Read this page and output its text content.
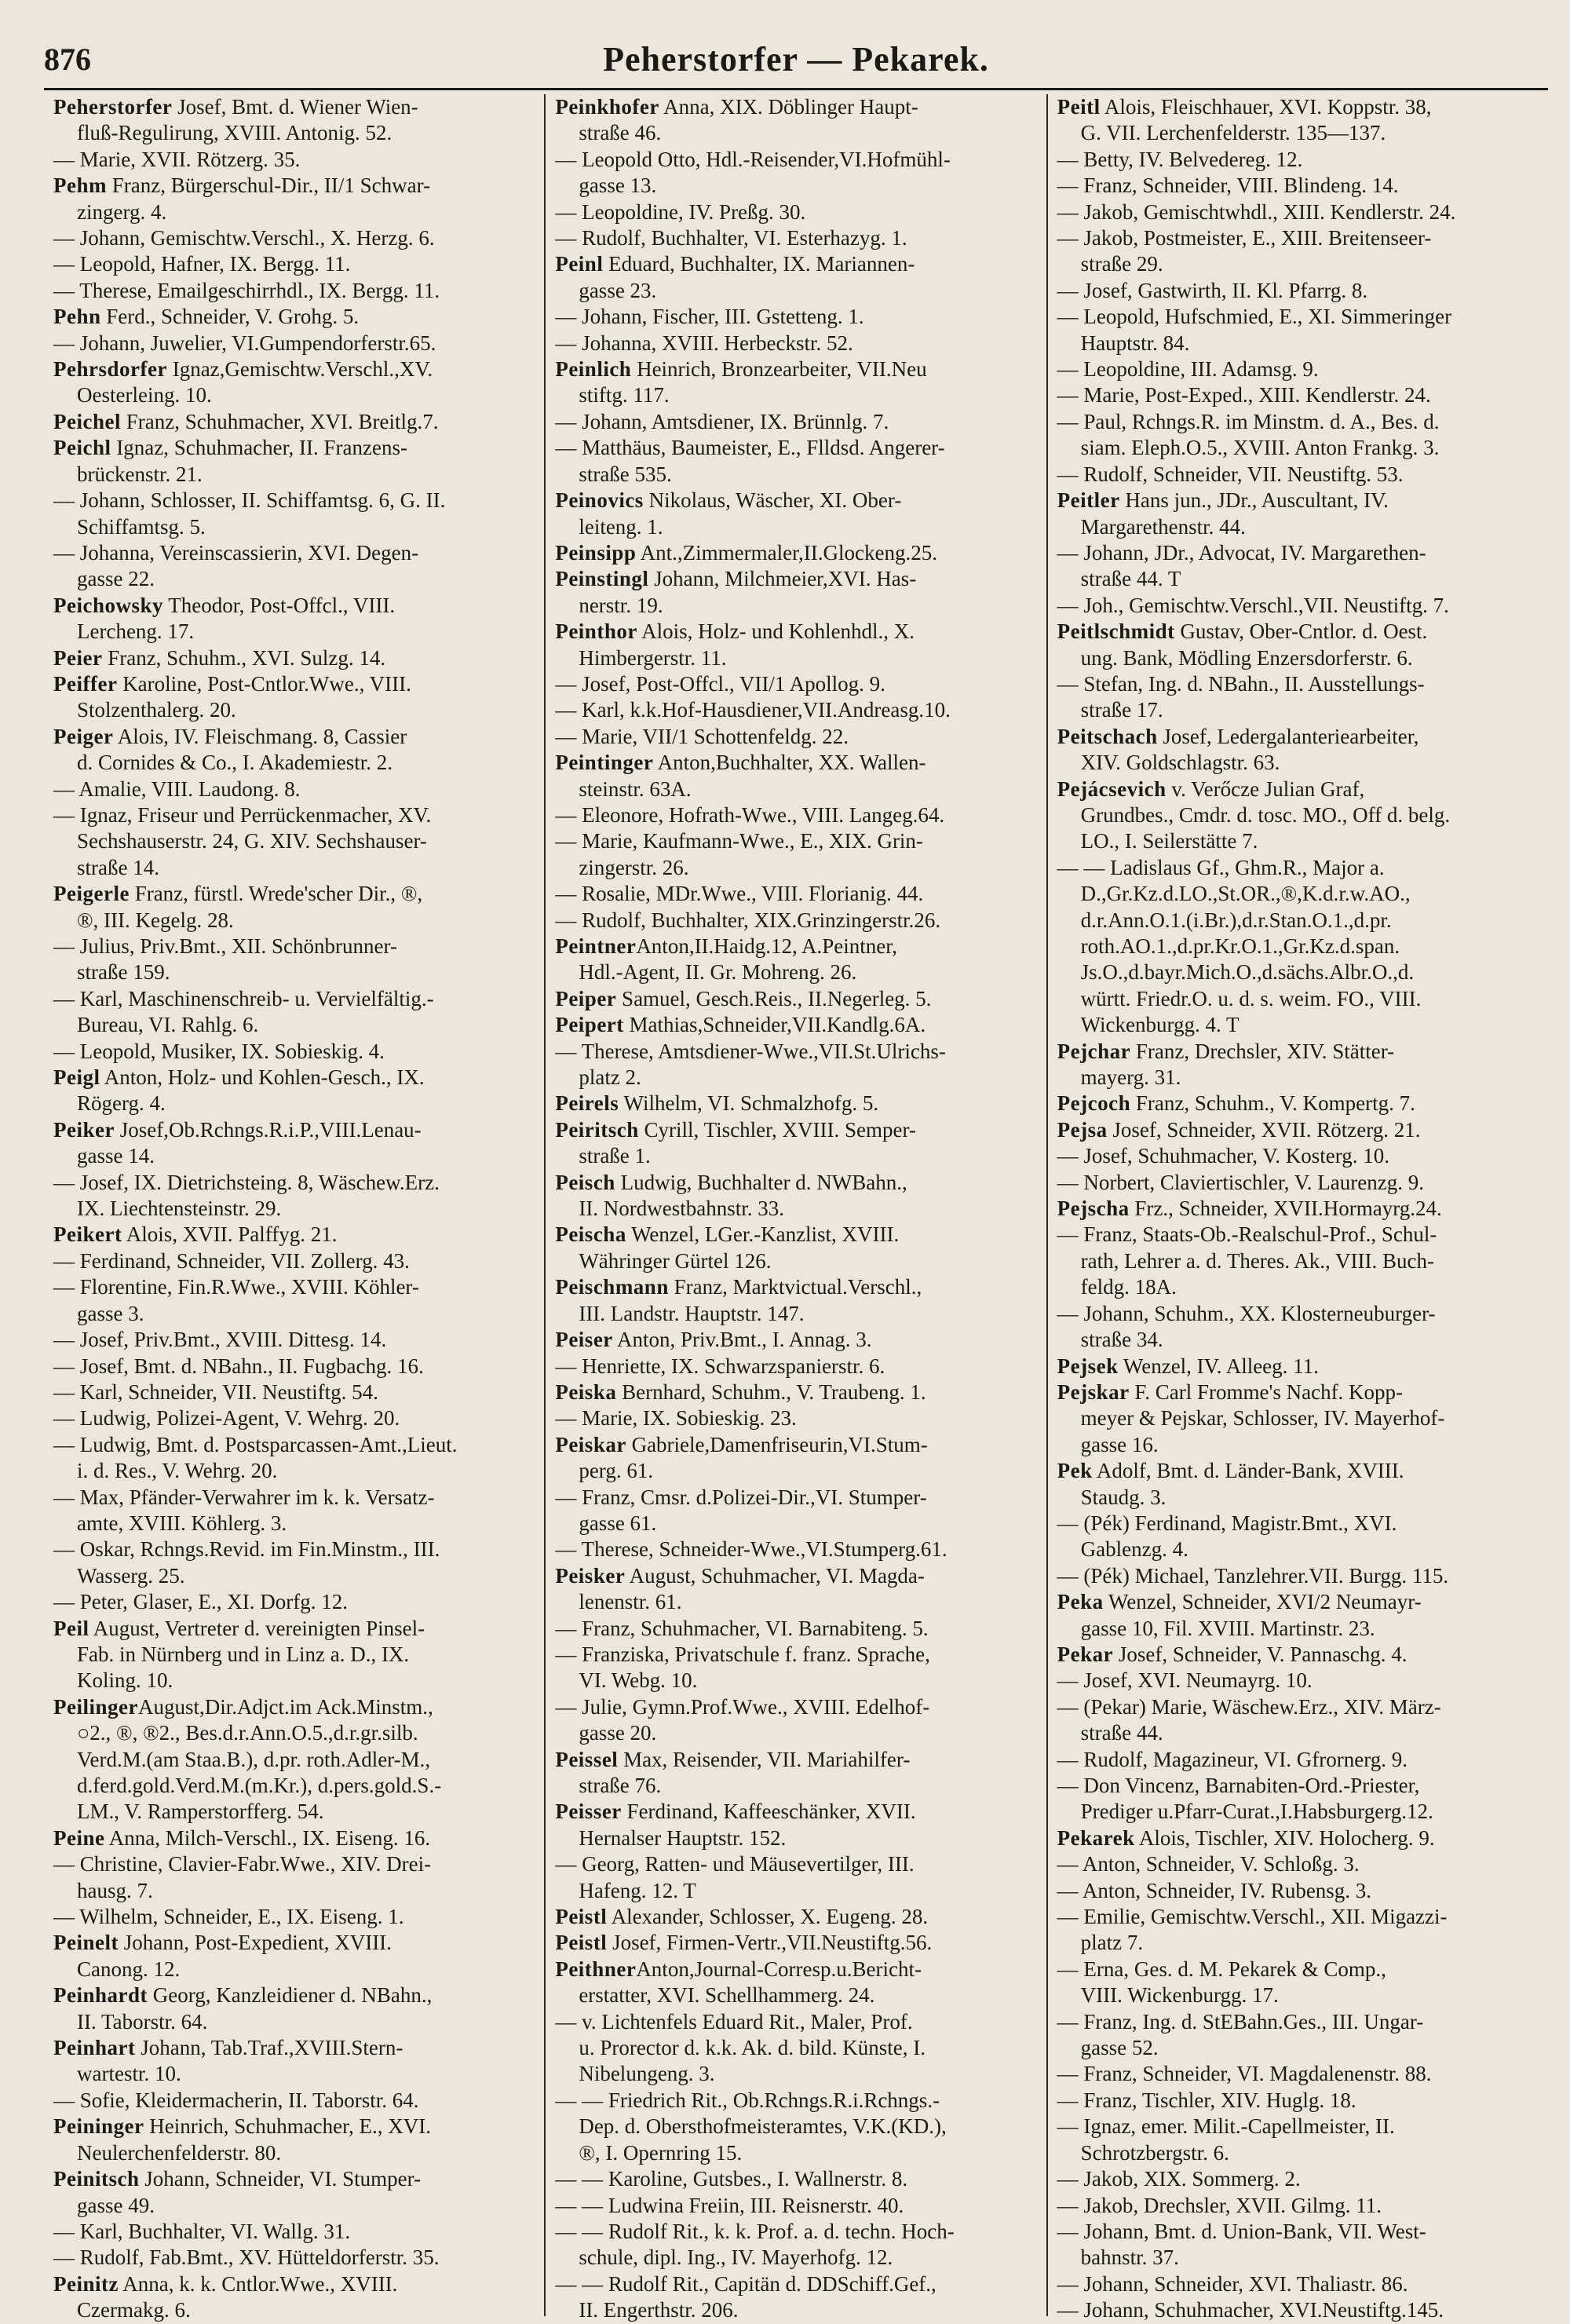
876	Peherstorfer — Pekarek.
Peherstorfer Josef, Bmt. d. Wiener Wien-
fluß-Regulirung, XVIII. Antonig. 52.
— Marie, XVII. Rötzerg. 35.
Pehm Franz, Bürgerschul-Dir., II/1 Schwar-
zingerg. 4.
— Johann, Gemischtw.Verschl., X. Herzg. 6.
— Leopold, Hafner, IX. Bergg. 11.
— Therese, Emailgeschirrhdl., IX. Bergg. 11.
Pehn Ferd., Schneider, V. Grohg. 5.
— Johann, Juwelier, VI.Gumpendorferstr.65.
Pehrsdorfer Ignaz,Gemischtw.Verschl.,XV.
Oesterleing. 10.
Peichel Franz, Schuhmacher, XVI. Breitlg.7.
Peichl Ignaz, Schuhmacher, II. Franzens-
brückenstr. 21.
— Johann, Schlosser, II. Schiffamtsg. 6, G. II.
Schiffamtsg. 5.
— Johanna, Vereinscassierin, XVI. Degen-
gasse 22.
Peichowsky Theodor, Post-Offcl., VIII.
Lercheng. 17.
Peier Franz, Schuhm., XVI. Sulzg. 14.
Peiffer Karoline, Post-Cntlor.Wwe., VIII.
Stolzenthalerg. 20.
Peiger Alois, IV. Fleischmang. 8, Cassier
d. Cornides & Co., I. Akademiestr. 2.
— Amalie, VIII. Laudong. 8.
— Ignaz, Friseur und Perrückenmacher, XV.
Sechshauserstr. 24, G. XIV. Sechshauser-
straße 14.
Peigerle Franz, fürstl. Wrede'scher Dir., ®,
®, III. Kegelg. 28.
— Julius, Priv.Bmt., XII. Schönbrunner-
straße 159.
— Karl, Maschinenschreib- u. Vervielfältig.-
Bureau, VI. Rahlg. 6.
— Leopold, Musiker, IX. Sobieskig. 4.
Peigl Anton, Holz- und Kohlen-Gesch., IX.
Rögerg. 4.
Peiker Josef,Ob.Rchngs.R.i.P.,VIII.Lenau-
gasse 14.
— Josef, IX. Dietrichsteing. 8, Wäschew.Erz.
IX. Liechtensteinstr. 29.
Peikert Alois, XVII. Palffyg. 21.
— Ferdinand, Schneider, VII. Zollerg. 43.
— Florentine, Fin.R.Wwe., XVIII. Köhler-
gasse 3.
— Josef, Priv.Bmt., XVIII. Dittesg. 14.
— Josef, Bmt. d. NBahn., II. Fugbachg. 16.
— Karl, Schneider, VII. Neustiftg. 54.
— Ludwig, Polizei-Agent, V. Wehrg. 20.
— Ludwig, Bmt. d. Postsparcassen-Amt.,Lieut.
i. d. Res., V. Wehrg. 20.
— Max, Pfänder-Verwahrer im k. k. Versatz-
amte, XVIII. Köhlerg. 3.
— Oskar, Rchngs.Revid. im Fin.Minstm., III.
Wasserg. 25.
— Peter, Glaser, E., XI. Dorfg. 12.
Peil August, Vertreter d. vereinigten Pinsel-
Fab. in Nürnberg und in Linz a. D., IX.
Koling. 10.
PeilingerAugust,Dir.Adjct.im Ack.Minstm.,
○2., ®, ®2., Bes.d.r.Ann.O.5.,d.r.gr.silb.
Verd.M.(am Staa.B.), d.pr. roth.Adler-M.,
d.ferd.gold.Verd.M.(m.Kr.), d.pers.gold.S.-
LM., V. Ramperstorfferg. 54.
Peine Anna, Milch-Verschl., IX. Eiseng. 16.
— Christine, Clavier-Fabr.Wwe., XIV. Drei-
hausg. 7.
— Wilhelm, Schneider, E., IX. Eiseng. 1.
Peinelt Johann, Post-Expedient, XVIII.
Canong. 12.
Peinhardt Georg, Kanzleidiener d. NBahn.,
II. Taborstr. 64.
Peinhart Johann, Tab.Traf.,XVIII.Stern-
wartestr. 10.
— Sofie, Kleidermacherin, II. Taborstr. 64.
Peininger Heinrich, Schuhmacher, E., XVI.
Neulerchenfelderstr. 80.
Peinitsch Johann, Schneider, VI. Stumper-
gasse 49.
— Karl, Buchhalter, VI. Wallg. 31.
— Rudolf, Fab.Bmt., XV. Hütteldorferstr. 35.
Peinitz Anna, k. k. Cntlor.Wwe., XVIII.
Czermakg. 6.
Peinkhofer Anna, XIX. Döblinger Haupt-
straße 46.
— Leopold Otto, Hdl.-Reisender,VI.Hofmühl-
gasse 13.
— Leopoldine, IV. Preßg. 30.
— Rudolf, Buchhalter, VI. Esterhazyg. 1.
Peinl Eduard, Buchhalter, IX. Mariannen-
gasse 23.
— Johann, Fischer, III. Gstetteng. 1.
— Johanna, XVIII. Herbeckstr. 52.
Peinlich Heinrich, Bronzearbeiter, VII.Neu
stiftg. 117.
— Johann, Amtsdiener, IX. Brünnlg. 7.
— Matthäus, Baumeister, E., Flldsd. Angerer-
straße 535.
Peinovics Nikolaus, Wäscher, XI. Ober-
leiteng. 1.
Peinsipp Ant.,Zimmermaler,II.Glockeng.25.
Peinstingl Johann, Milchmeier,XVI. Has-
nerstr. 19.
Peinthor Alois, Holz- und Kohlenhdl., X.
Himbergerstr. 11.
— Josef, Post-Offcl., VII/1 Apollog. 9.
— Karl, k.k.Hof-Hausdiener,VII.Andreasg.10.
— Marie, VII/1 Schottenfeldg. 22.
Peintinger Anton,Buchhalter, XX. Wallen-
steinstr. 63A.
— Eleonore, Hofrath-Wwe., VIII. Langeg.64.
— Marie, Kaufmann-Wwe., E., XIX. Grin-
zingerstr. 26.
— Rosalie, MDr.Wwe., VIII. Florianig. 44.
— Rudolf, Buchhalter, XIX.Grinzingerstr.26.
PeintnerAnton,II.Haidg.12, A.Peintner,
Hdl.-Agent, II. Gr. Mohreng. 26.
Peiper Samuel, Gesch.Reis., II.Negerleg. 5.
Peipert Mathias,Schneider,VII.Kandlg.6A.
— Therese, Amtsdiener-Wwe.,VII.St.Ulrichs-
platz 2.
Peirels Wilhelm, VI. Schmalzhofg. 5.
Peiritsch Cyrill, Tischler, XVIII. Semper-
straße 1.
Peisch Ludwig, Buchhalter d. NWBahn.,
II. Nordwestbahnstr. 33.
Peischa Wenzel, LGer.-Kanzlist, XVIII.
Währinger Gürtel 126.
Peischmann Franz, Marktvictual.Verschl.,
III. Landstr. Hauptstr. 147.
Peiser Anton, Priv.Bmt., I. Annag. 3.
— Henriette, IX. Schwarzspanierstr. 6.
Peiska Bernhard, Schuhm., V. Traubeng. 1.
— Marie, IX. Sobieskig. 23.
Peiskar Gabriele,Damenfriseurin,VI.Stum-
perg. 61.
— Franz, Cmsr. d.Polizei-Dir.,VI. Stumper-
gasse 61.
— Therese, Schneider-Wwe.,VI.Stumperg.61.
Peisker August, Schuhmacher, VI. Magda-
lenenstr. 61.
— Franz, Schuhmacher, VI. Barnabiteng. 5.
— Franziska, Privatschule f. franz. Sprache,
VI. Webg. 10.
— Julie, Gymn.Prof.Wwe., XVIII. Edelhof-
gasse 20.
Peissel Max, Reisender, VII. Mariahilfer-
straße 76.
Peisser Ferdinand, Kaffeeschänker, XVII.
Hernalser Hauptstr. 152.
— Georg, Ratten- und Mäusevertilger, III.
Hafeng. 12. T
Peistl Alexander, Schlosser, X. Eugeng. 28.
Peistl Josef, Firmen-Vertr.,VII.Neustiftg.56.
PeithnerAnton,Journal-Corresp.u.Bericht-
erstatter, XVI. Schellhammerg. 24.
— v. Lichtenfels Eduard Rit., Maler, Prof.
u. Prorector d. k.k. Ak. d. bild. Künste, I.
Nibelungeng. 3.
— — Friedrich Rit., Ob.Rchngs.R.i.Rchngs.-
Dep. d. Obersthofmeisteramtes, V.K.(KD.),
®, I. Opernring 15.
— — Karoline, Gutsbes., I. Wallnerstr. 8.
— — Ludwina Freiin, III. Reisnerstr. 40.
— — Rudolf Rit., k. k. Prof. a. d. techn. Hoch-
schule, dipl. Ing., IV. Mayerhofg. 12.
— — Rudolf Rit., Capitän d. DDSchiff.Gef.,
II. Engerthstr. 206.
Peitl Alois, Fleischhauer, XVI. Koppstr. 38,
G. VII. Lerchenfelderstr. 135—137.
— Betty, IV. Belvedereg. 12.
— Franz, Schneider, VIII. Blindeng. 14.
— Jakob, Gemischtwhdl., XIII. Kendlerstr. 24.
— Jakob, Postmeister, E., XIII. Breitenseer-
straße 29.
— Josef, Gastwirth, II. Kl. Pfarrg. 8.
— Leopold, Hufschmied, E., XI. Simmeringer
Hauptstr. 84.
— Leopoldine, III. Adamsg. 9.
— Marie, Post-Exped., XIII. Kendlerstr. 24.
— Paul, Rchngs.R. im Minstm. d. A., Bes. d.
siam. Eleph.O.5., XVIII. Anton Frankg. 3.
— Rudolf, Schneider, VII. Neustiftg. 53.
Peitler Hans jun., JDr., Auscultant, IV.
Margarethenstr. 44.
— Johann, JDr., Advocat, IV. Margarethen-
straße 44. T
— Joh., Gemischtw.Verschl.,VII. Neustiftg. 7.
Peitlschmidt Gustav, Ober-Cntlor. d. Oest.
ung. Bank, Mödling Enzersdorferstr. 6.
— Stefan, Ing. d. NBahn., II. Ausstellungs-
straße 17.
Peitschach Josef, Ledergalanteriearbeiter,
XIV. Goldschlagstr. 63.
Pejácsevich v. Verőcze Julian Graf,
Grundbes., Cmdr. d. tosc. MO., Off d. belg.
LO., I. Seilerstätte 7.
— — Ladislaus Gf., Ghm.R., Major a.
D.,Gr.Kz.d.LO.,St.OR.,®,K.d.r.w.AO.,
d.r.Ann.O.1.(i.Br.),d.r.Stan.O.1.,d.pr.
roth.AO.1.,d.pr.Kr.O.1.,Gr.Kz.d.span.
Js.O.,d.bayr.Mich.O.,d.sächs.Albr.O.,d.
württ. Friedr.O. u. d. s. weim. FO., VIII.
Wickenburgg. 4. T
Pejchar Franz, Drechsler, XIV. Stätter-
mayerg. 31.
Pejcoch Franz, Schuhm., V. Kompertg. 7.
Pejsa Josef, Schneider, XVII. Rötzerg. 21.
— Josef, Schuhmacher, V. Kosterg. 10.
— Norbert, Claviertischler, V. Laurenzg. 9.
Pejscha Frz., Schneider, XVII.Hormayrg.24.
— Franz, Staats-Ob.-Realschul-Prof., Schul-
rath, Lehrer a. d. Theres. Ak., VIII. Buch-
feldg. 18A.
— Johann, Schuhm., XX. Klosterneuburger-
straße 34.
Pejsek Wenzel, IV. Alleeg. 11.
Pejskar F. Carl Fromme's Nachf. Kopp-
meyer & Pejskar, Schlosser, IV. Mayerhof-
gasse 16.
Pek Adolf, Bmt. d. Länder-Bank, XVIII.
Staudg. 3.
— (Pék) Ferdinand, Magistr.Bmt., XVI.
Gablenzg. 4.
— (Pék) Michael, Tanzlehrer.VII. Burgg. 115.
Peka Wenzel, Schneider, XVI/2 Neumayr-
gasse 10, Fil. XVIII. Martinstr. 23.
Pekar Josef, Schneider, V. Pannaschg. 4.
— Josef, XVI. Neumayrg. 10.
— (Pekar) Marie, Wäschew.Erz., XIV. März-
straße 44.
— Rudolf, Magazineur, VI. Gfrornerg. 9.
— Don Vincenz, Barnabiten-Ord.-Priester,
Prediger u.Pfarr-Curat.,I.Habsburgerg.12.
Pekarek Alois, Tischler, XIV. Holocherg. 9.
— Anton, Schneider, V. Schloßg. 3.
— Anton, Schneider, IV. Rubensg. 3.
— Emilie, Gemischtw.Verschl., XII. Migazzi-
platz 7.
— Erna, Ges. d. M. Pekarek & Comp.,
VIII. Wickenburgg. 17.
— Franz, Ing. d. StEBahn.Ges., III. Ungar-
gasse 52.
— Franz, Schneider, VI. Magdalenenstr. 88.
— Franz, Tischler, XIV. Huglg. 18.
— Ignaz, emer. Milit.-Capellmeister, II.
Schrotzbergstr. 6.
— Jakob, XIX. Sommerg. 2.
— Jakob, Drechsler, XVII. Gilmg. 11.
— Johann, Bmt. d. Union-Bank, VII. West-
bahnstr. 37.
— Johann, Schneider, XVI. Thaliastr. 86.
— Johann, Schuhmacher, XVI.Neustiftg.145.
